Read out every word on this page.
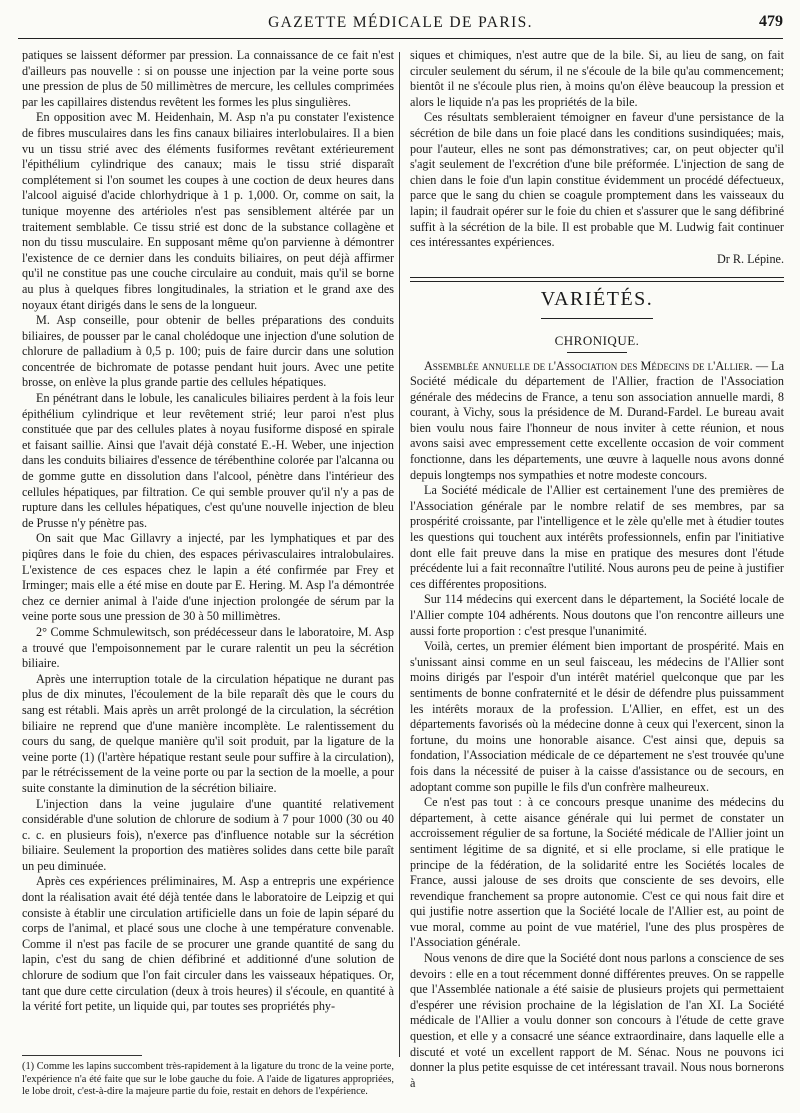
GAZETTE MÉDICALE DE PARIS.	479

patiques se laissent déformer par pression. La connaissance de ce fait n'est d'ailleurs pas nouvelle : si on pousse une injection par la veine porte sous une pression de plus de 50 millimètres de mercure, les cellules comprimées par les capillaires distendus revêtent les formes les plus singulières.

En opposition avec M. Heidenhain, M. Asp n'a pu constater l'existence de fibres musculaires dans les fins canaux biliaires interlobulaires. Il a bien vu un tissu strié avec des éléments fusiformes revêtant extérieurement l'épithélium cylindrique des canaux; mais le tissu strié disparaît complétement si l'on soumet les coupes à une coction de deux heures dans l'alcool aiguisé d'acide chlorhydrique à 1 p. 1,000. Or, comme on sait, la tunique moyenne des artérioles n'est pas sensiblement altérée par un traitement semblable. Ce tissu strié est donc de la substance collagène et non du tissu musculaire. En supposant même qu'on parvienne à démontrer l'existence de ce dernier dans les conduits biliaires, on peut déjà affirmer qu'il ne constitue pas une couche circulaire au conduit, mais qu'il se borne au plus à quelques fibres longitudinales, la striation et le grand axe des noyaux étant dirigés dans le sens de la longueur.

M. Asp conseille, pour obtenir de belles préparations des conduits biliaires, de pousser par le canal cholédoque une injection d'une solution de chlorure de palladium à 0,5 p. 100; puis de faire durcir dans une solution concentrée de bichromate de potasse pendant huit jours. Avec une petite brosse, on enlève la plus grande partie des cellules hépatiques.

En pénétrant dans le lobule, les canalicules biliaires perdent à la fois leur épithélium cylindrique et leur revêtement strié; leur paroi n'est plus constituée que par des cellules plates à noyau fusiforme disposé en spirale et faisant saillie. Ainsi que l'avait déjà constaté E.-H. Weber, une injection dans les conduits biliaires d'essence de térébenthine colorée par l'alcanna ou de gomme gutte en dissolution dans l'alcool, pénètre dans l'intérieur des cellules hépatiques, par filtration. Ce qui semble prouver qu'il n'y a pas de rupture dans les cellules hépatiques, c'est qu'une nouvelle injection de bleu de Prusse n'y pénètre pas.

On sait que Mac Gillavry a injecté, par les lymphatiques et par des piqûres dans le foie du chien, des espaces périvasculaires intralobulaires. L'existence de ces espaces chez le lapin a été confirmée par Frey et Irminger; mais elle a été mise en doute par E. Hering. M. Asp l'a démontrée chez ce dernier animal à l'aide d'une injection prolongée de sérum par la veine porte sous une pression de 30 à 50 millimètres.

2° Comme Schmulewitsch, son prédécesseur dans le laboratoire, M. Asp a trouvé que l'empoisonnement par le curare ralentit un peu la sécrétion biliaire.

Après une interruption totale de la circulation hépatique ne durant pas plus de dix minutes, l'écoulement de la bile reparaît dès que le cours du sang est rétabli. Mais après un arrêt prolongé de la circulation, la sécrétion biliaire ne reprend que d'une manière incomplète. Le ralentissement du cours du sang, de quelque manière qu'il soit produit, par la ligature de la veine porte (1) (l'artère hépatique restant seule pour suffire à la circulation), par le rétrécissement de la veine porte ou par la section de la moelle, a pour suite constante la diminution de la sécrétion biliaire.

L'injection dans la veine jugulaire d'une quantité relativement considérable d'une solution de chlorure de sodium à 7 pour 1000 (30 ou 40 c. c. en plusieurs fois), n'exerce pas d'influence notable sur la sécrétion biliaire. Seulement la proportion des matières solides dans cette bile paraît un peu diminuée.

Après ces expériences préliminaires, M. Asp a entrepris une expérience dont la réalisation avait été déjà tentée dans le laboratoire de Leipzig et qui consiste à établir une circulation artificielle dans un foie de lapin séparé du corps de l'animal, et placé sous une cloche à une température convenable. Comme il n'est pas facile de se procurer une grande quantité de sang du lapin, c'est du sang de chien défibriné et additionné d'une solution de chlorure de sodium que l'on fait circuler dans les vaisseaux hépatiques. Or, tant que dure cette circulation (deux à trois heures) il s'écoule, en quantité à la vérité fort petite, un liquide qui, par toutes ses propriétés phy-

(1) Comme les lapins succombent très-rapidement à la ligature du tronc de la veine porte, l'expérience n'a été faite que sur le lobe gauche du foie. A l'aide de ligatures appropriées, le lobe droit, c'est-à-dire la majeure partie du foie, restait en dehors de l'expérience.

siques et chimiques, n'est autre que de la bile. Si, au lieu de sang, on fait circuler seulement du sérum, il ne s'écoule de la bile qu'au commencement; bientôt il ne s'écoule plus rien, à moins qu'on élève beaucoup la pression et alors le liquide n'a pas les propriétés de la bile.

Ces résultats sembleraient témoigner en faveur d'une persistance de la sécrétion de bile dans un foie placé dans les conditions susindiquées; mais, pour l'auteur, elles ne sont pas démonstratives; car, on peut objecter qu'il s'agit seulement de l'excrétion d'une bile préformée. L'injection de sang de chien dans le foie d'un lapin constitue évidemment un procédé défectueux, parce que le sang du chien se coagule promptement dans les vaisseaux du lapin; il faudrait opérer sur le foie du chien et s'assurer que le sang défibriné suffit à la sécrétion de la bile. Il est probable que M. Ludwig fait continuer ces intéressantes expériences.

Dr R. Lépine.
VARIÉTÉS.
CHRONIQUE.

Assemblée annuelle de l'Association des Médecins de l'Allier. — La Société médicale du département de l'Allier, fraction de l'Association générale des médecins de France, a tenu son association annuelle mardi, 8 courant, à Vichy, sous la présidence de M. Durand-Fardel. Le bureau avait bien voulu nous faire l'honneur de nous inviter à cette réunion, et nous avons saisi avec empressement cette excellente occasion de voir comment fonctionne, dans les départements, une œuvre à laquelle nous avons donné depuis longtemps nos sympathies et notre modeste concours.

La Société médicale de l'Allier est certainement l'une des premières de l'Association générale par le nombre relatif de ses membres, par sa prospérité croissante, par l'intelligence et le zèle qu'elle met à étudier toutes les questions qui touchent aux intérêts professionnels, enfin par l'initiative dont elle fait preuve dans la mise en pratique des mesures dont l'étude précédente lui a fait reconnaître l'utilité. Nous aurons peu de peine à justifier ces différentes propositions.

Sur 114 médecins qui exercent dans le département, la Société locale de l'Allier compte 104 adhérents. Nous doutons que l'on rencontre ailleurs une aussi forte proportion : c'est presque l'unanimité.

Voilà, certes, un premier élément bien important de prospérité. Mais en s'unissant ainsi comme en un seul faisceau, les médecins de l'Allier sont moins dirigés par l'espoir d'un intérêt matériel quelconque que par les sentiments de bonne confraternité et le désir de défendre plus puissamment les intérêts moraux de la profession. L'Allier, en effet, est un des départements favorisés où la médecine donne à ceux qui l'exercent, sinon la fortune, du moins une honorable aisance. C'est ainsi que, depuis sa fondation, l'Association médicale de ce département ne s'est trouvée qu'une fois dans la nécessité de puiser à la caisse d'assistance ou de secours, en adoptant comme son pupille le fils d'un confrère malheureux.

Ce n'est pas tout : à ce concours presque unanime des médecins du département, à cette aisance générale qui lui permet de constater un accroissement régulier de sa fortune, la Société médicale de l'Allier joint un sentiment légitime de sa dignité, et si elle proclame, si elle pratique le principe de la fédération, de la solidarité entre les Sociétés locales de France, aussi jalouse de ses droits que consciente de ses devoirs, elle revendique franchement sa propre autonomie. C'est ce qui nous fait dire et qui justifie notre assertion que la Société locale de l'Allier est, au point de vue moral, comme au point de vue matériel, l'une des plus prospères de l'Association générale.

Nous venons de dire que la Société dont nous parlons a conscience de ses devoirs : elle en a tout récemment donné différentes preuves. On se rappelle que l'Assemblée nationale a été saisie de plusieurs projets qui permettaient d'espérer une révision prochaine de la législation de l'an XI. La Société médicale de l'Allier a voulu donner son concours à l'étude de cette grave question, et elle y a consacré une séance extraordinaire, dans laquelle elle a discuté et voté un excellent rapport de M. Sénac. Nous ne pouvons ici donner la plus petite esquisse de cet intéressant travail. Nous nous bornerons à
